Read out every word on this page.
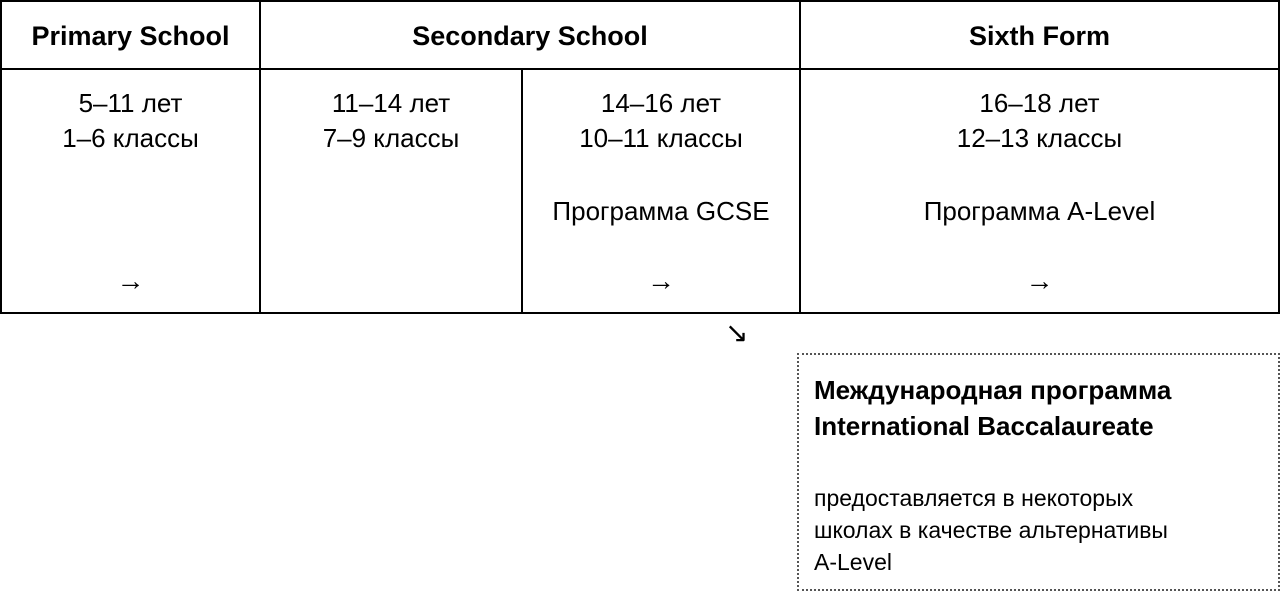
Primary School	Secondary School	Sixth Form
5–11 лет
1–6 классы
→
11–14 лет
7–9 классы
14–16 лет
10–11 классы
Программа GCSE
→
16–18 лет
12–13 классы
Программа A-Level
→
↘
Международная программа
International Baccalaureate
предоставляется в некоторых
школах в качестве альтернативы
A-Level
